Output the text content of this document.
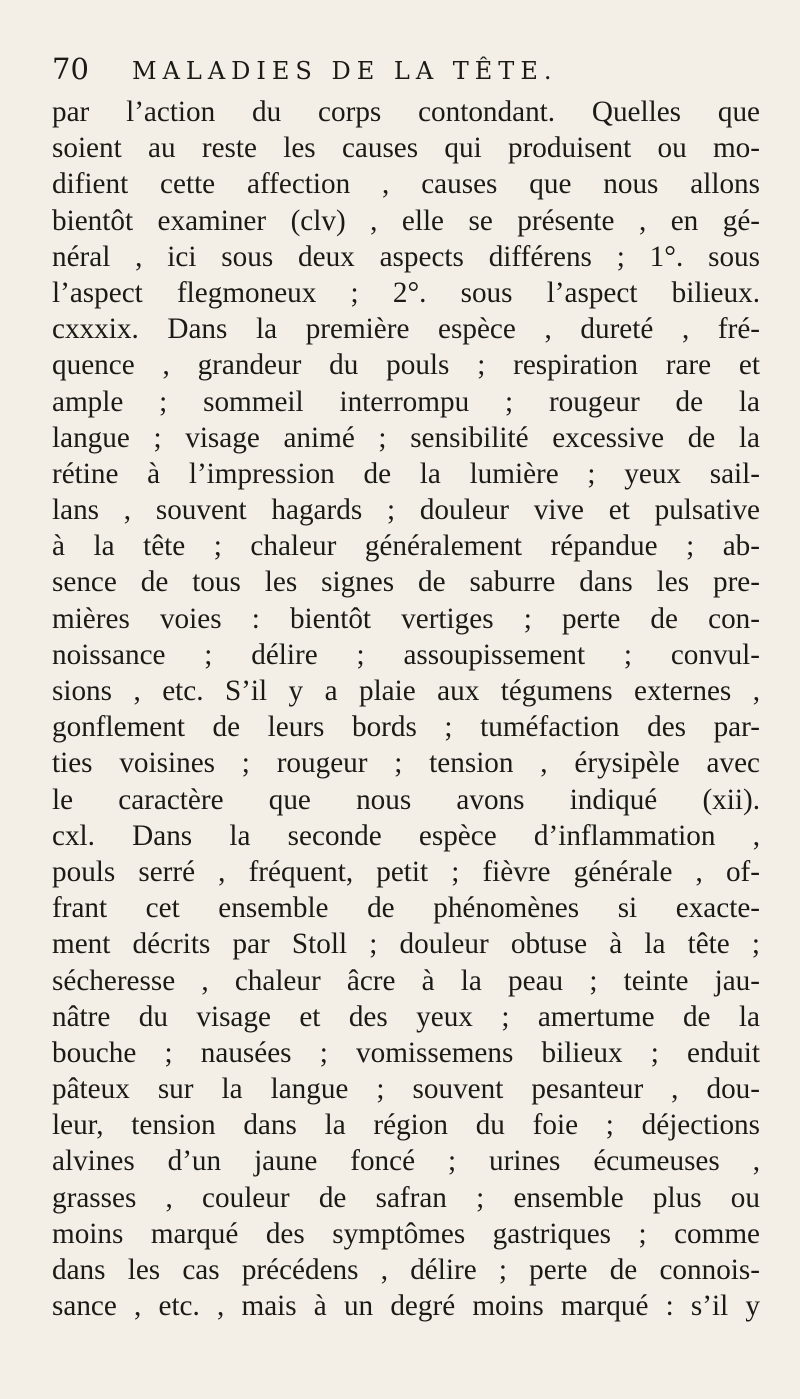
70 MALADIES DE LA TÊTE.
par l’action du corps contondant. Quelles que
soient au reste les causes qui produisent ou mo-
difient cette affection , causes que nous allons
bientôt examiner (clv) , elle se présente , en gé-
néral , ici sous deux aspects différens ; 1°. sous
l’aspect flegmoneux ; 2°. sous l’aspect bilieux.
cxxxix. Dans la première espèce , dureté , fré-
quence , grandeur du pouls ; respiration rare et
ample ; sommeil interrompu ; rougeur de la
langue ; visage animé ; sensibilité excessive de la
rétine à l’impression de la lumière ; yeux sail-
lans , souvent hagards ; douleur vive et pulsative
à la tête ; chaleur généralement répandue ; ab-
sence de tous les signes de saburre dans les pre-
mières voies : bientôt vertiges ; perte de con-
noissance ; délire ; assoupissement ; convul-
sions , etc. S’il y a plaie aux tégumens externes ,
gonflement de leurs bords ; tuméfaction des par-
ties voisines ; rougeur ; tension , érysipèle avec
le caractère que nous avons indiqué (xii).
cxl. Dans la seconde espèce d’inflammation ,
pouls serré , fréquent, petit ; fièvre générale , of-
frant cet ensemble de phénomènes si exacte-
ment décrits par Stoll ; douleur obtuse à la tête ;
sécheresse , chaleur âcre à la peau ; teinte jau-
nâtre du visage et des yeux ; amertume de la
bouche ; nausées ; vomissemens bilieux ; enduit
pâteux sur la langue ; souvent pesanteur , dou-
leur, tension dans la région du foie ; déjections
alvines d’un jaune foncé ; urines écumeuses ,
grasses , couleur de safran ; ensemble plus ou
moins marqué des symptômes gastriques ; comme
dans les cas précédens , délire ; perte de connois-
sance , etc. , mais à un degré moins marqué : s’il y
